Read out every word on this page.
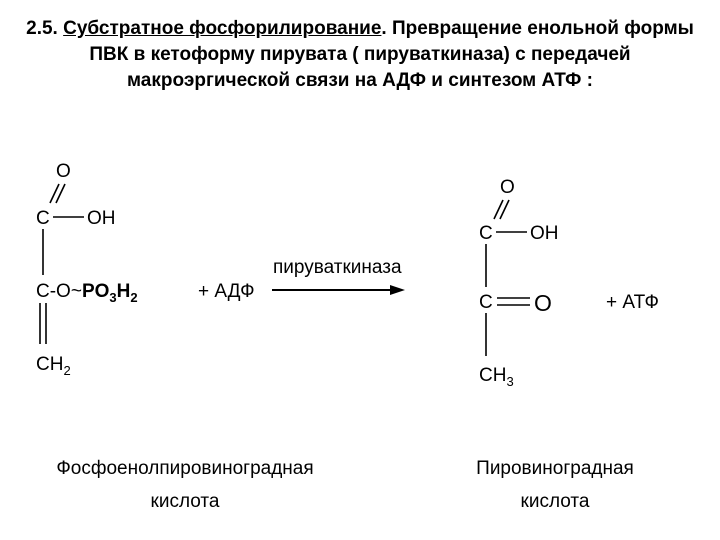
2.5. Субстратное фосфорилирование. Превращение енольной формы ПВК в кетоформу пирувата ( пируваткиназа) с передачей макроэргической связи на АДФ и синтезом АТФ :
O
C OH
$C-O\sim PO_3H_2$
$CH_2$
+ АДФ
пируваткиназа
O
C OH
C O
$CH_3$
+ АТФ
Фосфоенолпировиноградная
кислота
Пировиноградная
кислота
